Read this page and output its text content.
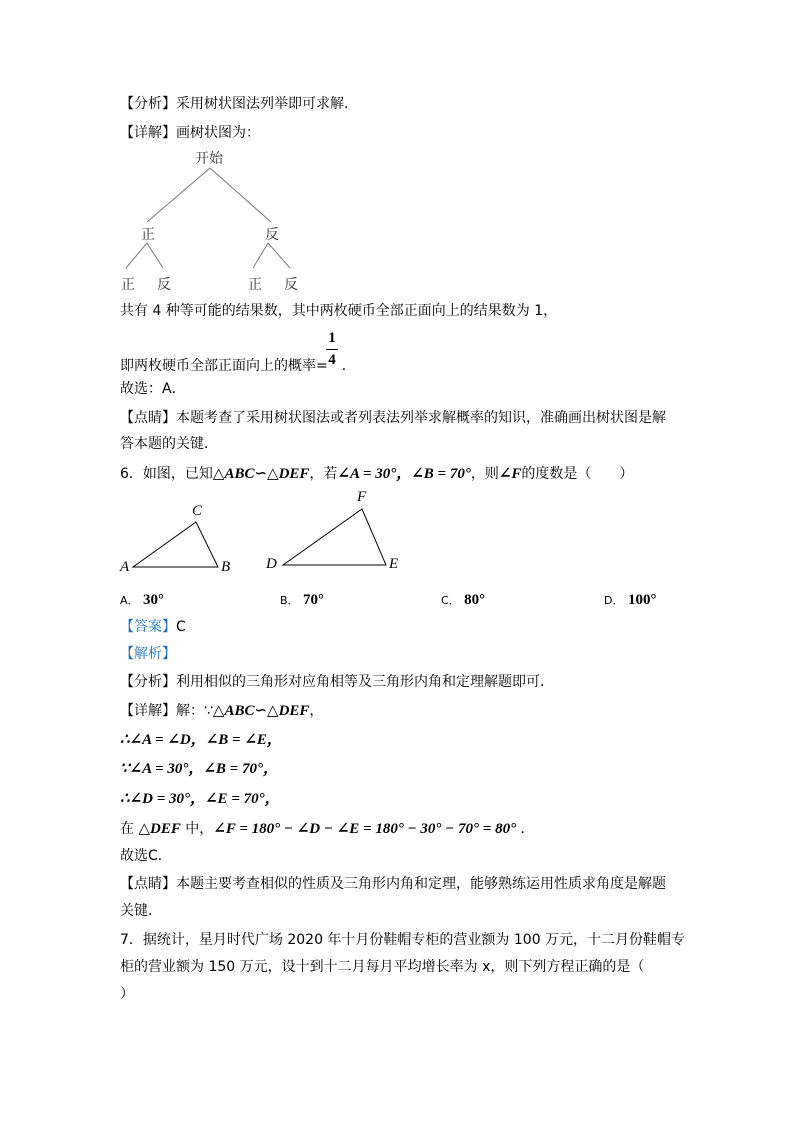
【分析】采用树状图法列举即可求解．
【详解】画树状图为：
开始
正	反
正 反	正 反
共有 4 种等可能的结果数，其中两枚硬币全部正面向上的结果数为 1，
即两枚硬币全部正面向上的概率= ．
1
4
故选：A．
【点睛】本题考查了采用树状图法或者列表法列举求解概率的知识，准确画出树状图是解
答本题的关键．
6．如图，已知△ABC∽△DEF，若∠A = 30°，∠B = 70°，则∠F的度数是（　　）
A	B
C
D	E
F
A． 30°	B． 70°	C． 80°	D． 100°
【答案】C
【解析】
【分析】利用相似的三角形对应角相等及三角形内角和定理解题即可．
【详解】解：∵△ABC∽△DEF，
∴∠A = ∠D，∠B = ∠E，
∵∠A = 30°，∠B = 70°，
∴∠D = 30°，∠E = 70°，
在 △DEF 中，∠F = 180° − ∠D − ∠E = 180° − 30° − 70° = 80° ．
故选C．
【点睛】本题主要考查相似的性质及三角形内角和定理，能够熟练运用性质求角度是解题
关键．
7．据统计，星月时代广场 2020 年十月份鞋帽专柜的营业额为 100 万元，十二月份鞋帽专
柜的营业额为 150 万元，设十到十二月每月平均增长率为 x，则下列方程正确的是（
）
